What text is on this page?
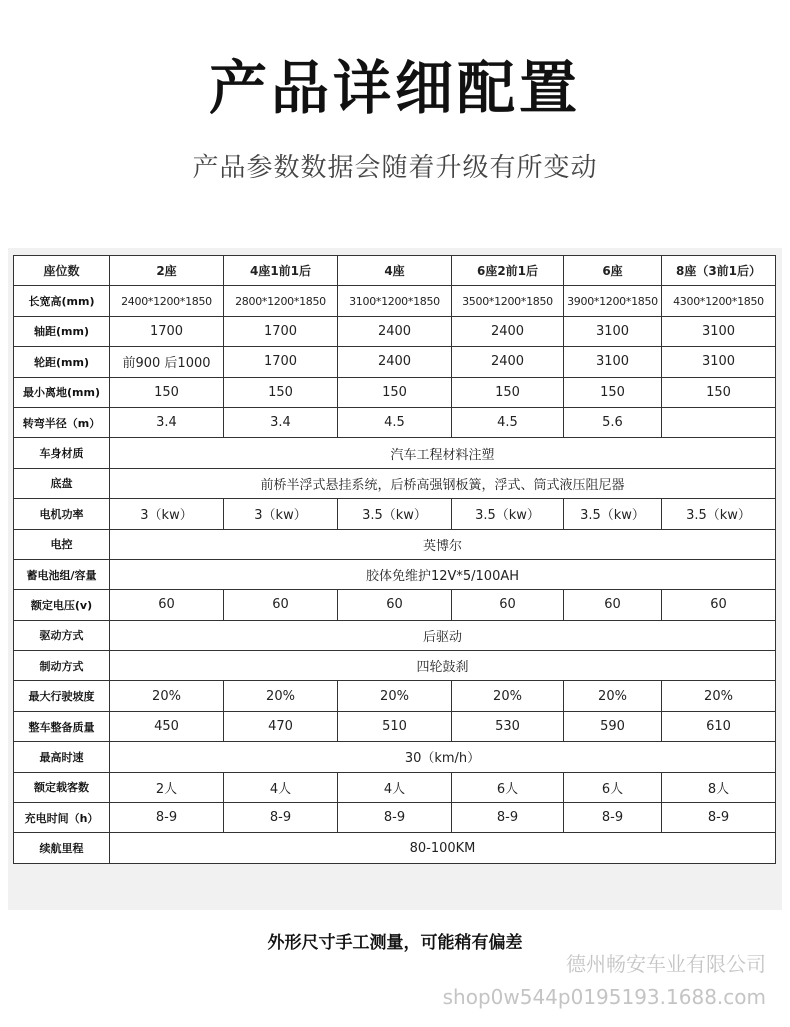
产品详细配置
产品参数数据会随着升级有所变动
座位数	2座	4座1前1后	4座	6座2前1后	6座	8座（3前1后）
长宽高(mm)	2400*1200*1850	2800*1200*1850	3100*1200*1850	3500*1200*1850	3900*1200*1850	4300*1200*1850
轴距(mm)	1700	1700	2400	2400	3100	3100
轮距(mm)	前900 后1000	1700	2400	2400	3100	3100
最小离地(mm)	150	150	150	150	150	150
转弯半径（m）	3.4	3.4	4.5	4.5	5.6	
车身材质	汽车工程材料注塑					
底盘	前桥半浮式悬挂系统，后桥高强钢板簧，浮式、筒式液压阻尼器					
电机功率	3（kw）	3（kw）	3.5（kw）	3.5（kw）	3.5（kw）	3.5（kw）
电控	英博尔					
蓄电池组/容量	胶体免维护12V*5/100AH					
额定电压(v)	60	60	60	60	60	60
驱动方式	后驱动					
制动方式	四轮鼓刹					
最大行驶坡度	20%	20%	20%	20%	20%	20%
整车整备质量	450	470	510	530	590	610
最高时速	30（km/h）					
额定载客数	2人	4人	4人	6人	6人	8人
充电时间（h）	8-9	8-9	8-9	8-9	8-9	8-9
续航里程	80-100KM					
外形尺寸手工测量，可能稍有偏差
德州畅安车业有限公司
shop0w544p0195193.1688.com
